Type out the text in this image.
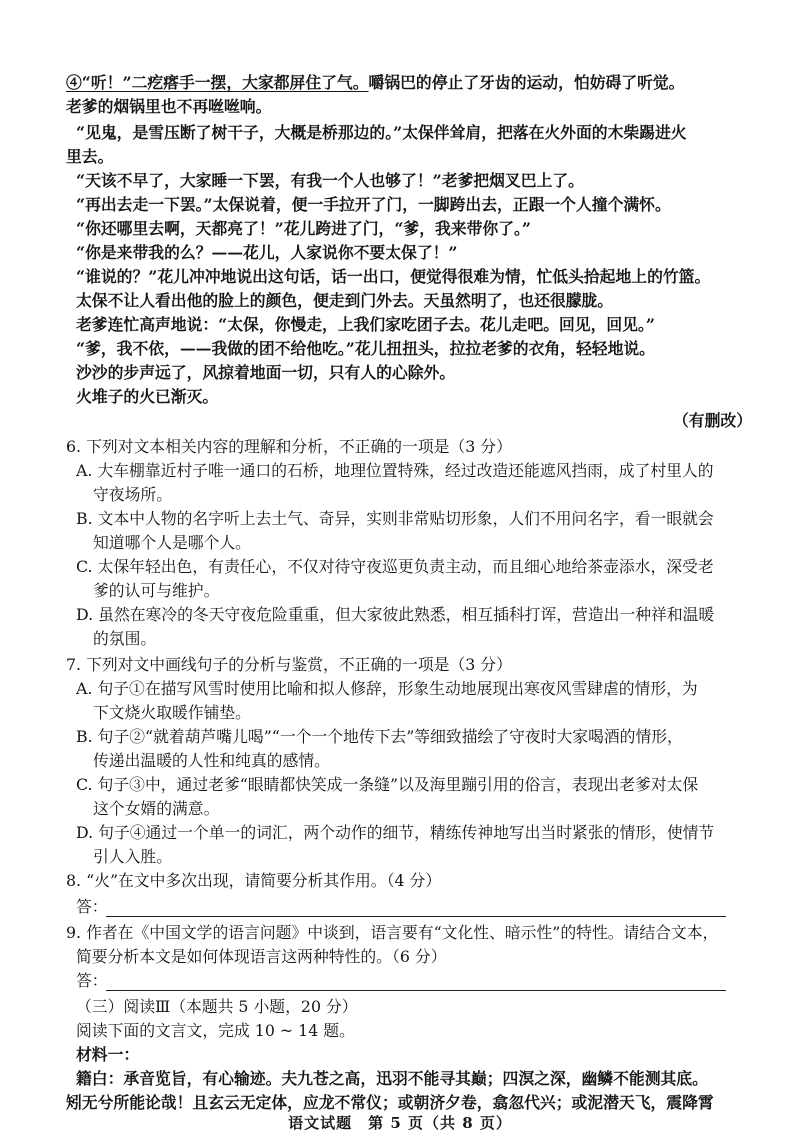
④“听！”二疙瘩手一摆，大家都屏住了气。嚼锅巴的停止了牙齿的运动，怕妨碍了听觉。
老爹的烟锅里也不再咝咝响。
“见鬼，是雪压断了树干子，大概是桥那边的。”太保伴耸肩，把落在火外面的木柴踢进火
里去。
“天该不早了，大家睡一下罢，有我一个人也够了！”老爹把烟叉巴上了。
“再出去走一下罢。”太保说着，便一手拉开了门，一脚跨出去，正跟一个人撞个满怀。
“你还哪里去啊，天都亮了！”花儿跨进了门，“爹，我来带你了。”
“你是来带我的么？——花儿，人家说你不要太保了！”
“谁说的？”花儿冲冲地说出这句话，话一出口，便觉得很难为情，忙低头拾起地上的竹篮。
太保不让人看出他的脸上的颜色，便走到门外去。天虽然明了，也还很朦胧。
老爹连忙高声地说：“太保，你慢走，上我们家吃团子去。花儿走吧。回见，回见。”
“爹，我不依，——我做的团不给他吃。”花儿扭扭头，拉拉老爹的衣角，轻轻地说。
沙沙的步声远了，风掠着地面一切，只有人的心除外。
火堆子的火已渐灭。
（有删改）
6. 下列对文本相关内容的理解和分析，不正确的一项是（3 分）
A. 大车棚靠近村子唯一通口的石桥，地理位置特殊，经过改造还能遮风挡雨，成了村里人的
守夜场所。
B. 文本中人物的名字听上去土气、奇异，实则非常贴切形象，人们不用问名字，看一眼就会
知道哪个人是哪个人。
C. 太保年轻出色，有责任心，不仅对待守夜巡更负责主动，而且细心地给茶壶添水，深受老
爹的认可与维护。
D. 虽然在寒冷的冬天守夜危险重重，但大家彼此熟悉，相互插科打诨，营造出一种祥和温暖
的氛围。
7. 下列对文中画线句子的分析与鉴赏，不正确的一项是（3 分）
A. 句子①在描写风雪时使用比喻和拟人修辞，形象生动地展现出寒夜风雪肆虐的情形，为
下文烧火取暖作铺垫。
B. 句子②“就着葫芦嘴儿喝”“一个一个地传下去”等细致描绘了守夜时大家喝酒的情形，
传递出温暖的人性和纯真的感情。
C. 句子③中，通过老爹“眼睛都快笑成一条缝”以及海里蹦引用的俗言，表现出老爹对太保
这个女婿的满意。
D. 句子④通过一个单一的词汇，两个动作的细节，精练传神地写出当时紧张的情形，使情节
引人入胜。
8. “火”在文中多次出现，请简要分析其作用。（4 分）
答：
9. 作者在《中国文学的语言问题》中谈到，语言要有“文化性、暗示性”的特性。请结合文本，
简要分析本文是如何体现语言这两种特性的。（6 分）
答：
（三）阅读Ⅲ（本题共 5 小题，20 分）
阅读下面的文言文，完成 10 ~ 14 题。
材料一：
籍白：承音览旨，有心输迹。夫九苍之高，迅羽不能寻其巅；四溟之深，幽鳞不能测其底。
矧无兮所能论哉！且玄云无定体，应龙不常仪；或朝济夕卷，翕忽代兴；或泥潜天飞，震降霄
语文试题　第 5 页（共 8 页）
